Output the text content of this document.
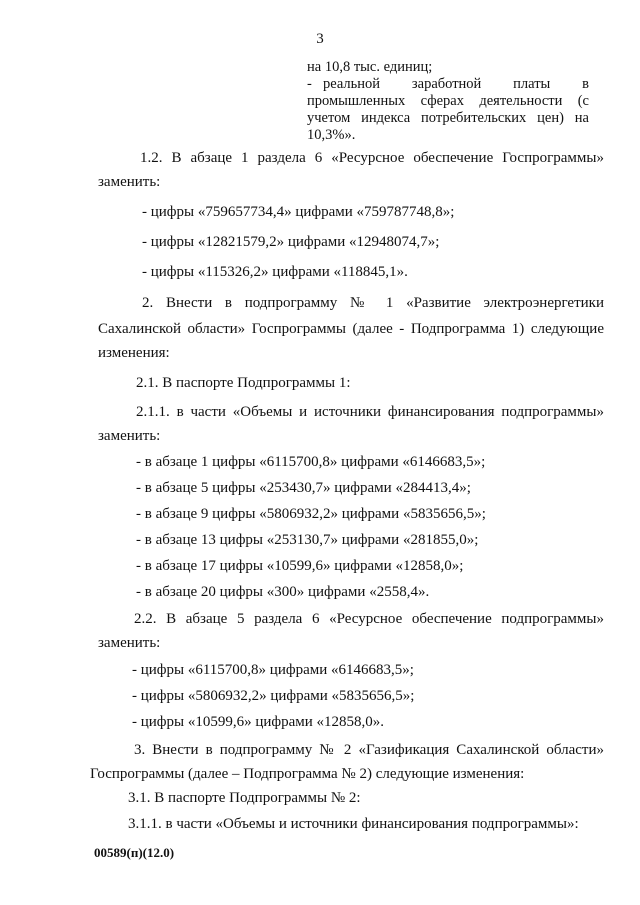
3

на 10,8 тыс. единиц;

- реальной заработной платы в

промышленных сферах деятельности (с

учетом индекса потребительских цен) на

10,3%».

1.2. В абзаце 1 раздела 6 «Ресурсное обеспечение Госпрограммы»
заменить:
- цифры «759657734,4» цифрами «759787748,8»;
- цифры «12821579,2» цифрами «12948074,7»;
- цифры «115326,2» цифрами «118845,1».
2. Внести в подпрограмму № 1 «Развитие электроэнергетики
Сахалинской области» Госпрограммы (далее - Подпрограмма 1) следующие
изменения:
2.1. В паспорте Подпрограммы 1:
2.1.1. в части «Объемы и источники финансирования подпрограммы»
заменить:
- в абзаце 1 цифры «6115700,8» цифрами «6146683,5»;
- в абзаце 5 цифры «253430,7» цифрами «284413,4»;
- в абзаце 9 цифры «5806932,2» цифрами «5835656,5»;
- в абзаце 13 цифры «253130,7» цифрами «281855,0»;
- в абзаце 17 цифры «10599,6» цифрами «12858,0»;
- в абзаце 20 цифры «300» цифрами «2558,4».
2.2. В абзаце 5 раздела 6 «Ресурсное обеспечение подпрограммы»
заменить:
- цифры «6115700,8» цифрами «6146683,5»;
- цифры «5806932,2» цифрами «5835656,5»;
- цифры «10599,6» цифрами «12858,0».
3. Внести в подпрограмму № 2 «Газификация Сахалинской области»
Госпрограммы (далее – Подпрограмма № 2) следующие изменения:
3.1. В паспорте Подпрограммы № 2:
3.1.1. в части «Объемы и источники финансирования подпрограммы»:
00589(п)(12.0)
